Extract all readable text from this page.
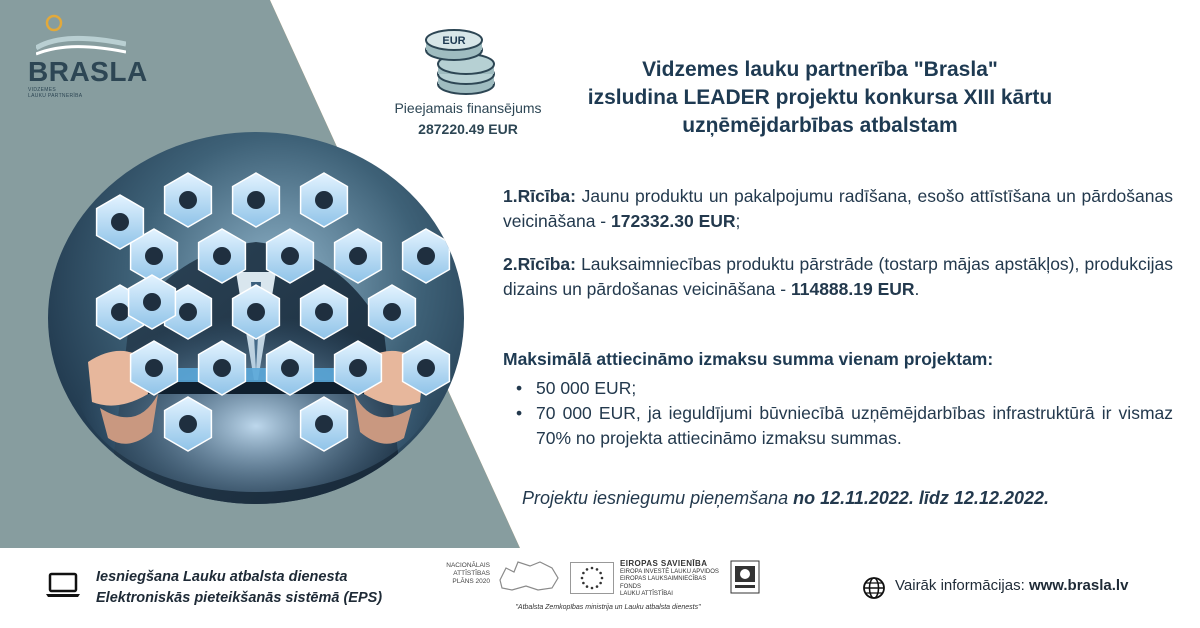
BRASLA
VIDZEMES
LAUKU PARTNERĪBA
EUR
Pieejamais finansējums
287220.49 EUR
Vidzemes lauku partnerība "Brasla"
izsludina LEADER projektu konkursa XIII kārtu
uzņēmējdarbības atbalstam
1.Rīcība: Jaunu produktu un pakalpojumu radīšana, esošo attīstīšana un pārdošanas veicināšana - 172332.30 EUR;
2.Rīcība: Lauksaimniecības produktu pārstrāde (tostarp mājas apstākļos), produkcijas dizains un pārdošanas veicināšana - 114888.19 EUR.
Maksimālā attiecināmo izmaksu summa vienam projektam:
• 50 000 EUR;
• 70 000 EUR, ja ieguldījumi būvniecībā uzņēmējdarbības infrastruktūrā ir vismaz 70% no projekta attiecināmo izmaksu summas.
Projektu iesniegumu pieņemšana no 12.11.2022. līdz 12.12.2022.
Iesniegšana Lauku atbalsta dienesta
Elektroniskās pieteikšanās sistēmā (EPS)
NACIONĀLAIS
ATTĪSTĪBAS
PLĀNS 2020
EIROPAS SAVIENĪBA
EIROPA INVESTĒ LAUKU APVIDOS
EIROPAS LAUKSAIMNIECĪBAS FONDS
LAUKU ATTĪSTĪBAI
"Atbalsta Zemkopības ministrija un Lauku atbalsta dienests"
Vairāk informācijas: www.brasla.lv
